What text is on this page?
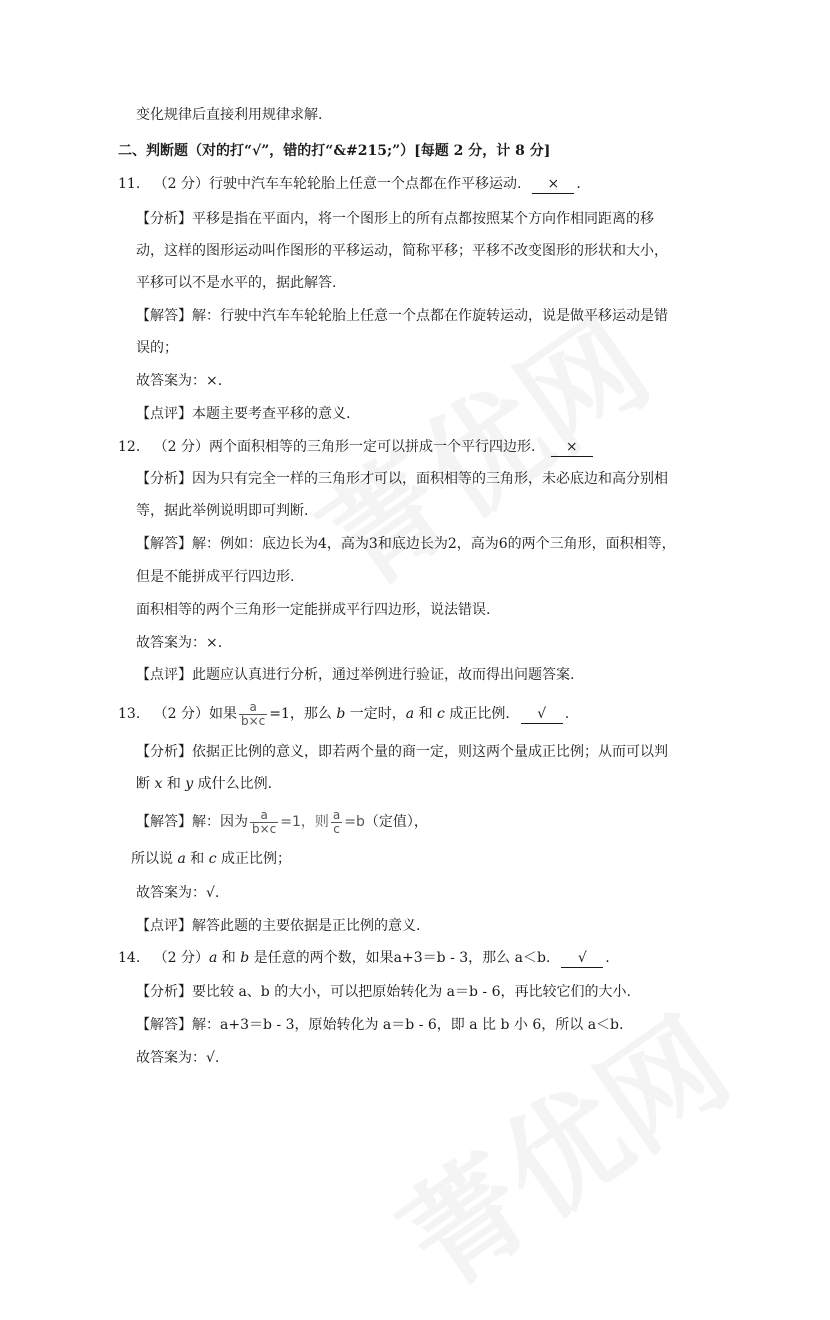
变化规律后直接利用规律求解.
二、判断题（对的打“√”，错的打“&#215;”）[每题 2 分，计 8 分]
11. （2 分）行驶中汽车车轮轮胎上任意一个点都在作平移运动. × .
【分析】平移是指在平面内，将一个图形上的所有点都按照某个方向作相同距离的移
动，这样的图形运动叫作图形的平移运动，简称平移；平移不改变图形的形状和大小，
平移可以不是水平的，据此解答.
【解答】解：行驶中汽车车轮轮胎上任意一个点都在作旋转运动，说是做平移运动是错
误的；
故答案为：×.
【点评】本题主要考查平移的意义.
12. （2 分）两个面积相等的三角形一定可以拼成一个平行四边形. ×
【分析】因为只有完全一样的三角形才可以，面积相等的三角形，未必底边和高分别相
等，据此举例说明即可判断.
【解答】解：例如：底边长为4，高为3和底边长为2，高为6的两个三角形，面积相等，
但是不能拼成平行四边形.
面积相等的两个三角形一定能拼成平行四边形，说法错误.
故答案为：×.
【点评】此题应认真进行分析，通过举例进行验证，故而得出问题答案.
13. （2 分）如果 $\frac{a}{b\times c} =1$，那么 b 一定时，a 和 c 成正比例. √ .
【分析】依据正比例的意义，即若两个量的商一定，则这两个量成正比例；从而可以判
断 x 和 y 成什么比例.
【解答】解：因为 $\frac{a}{b\times c} =1$，则 $\frac{a}{c} =b$（定值），
所以说 a 和 c 成正比例；
故答案为：√.
【点评】解答此题的主要依据是正比例的意义.
14. （2 分）a 和 b 是任意的两个数，如果a+3＝b - 3，那么 a＜b. √ .
【分析】要比较 a、b 的大小，可以把原始转化为 a＝b - 6，再比较它们的大小.
【解答】解：a+3＝b - 3，原始转化为 a＝b - 6，即 a 比 b 小 6，所以 a＜b.
故答案为：√.
